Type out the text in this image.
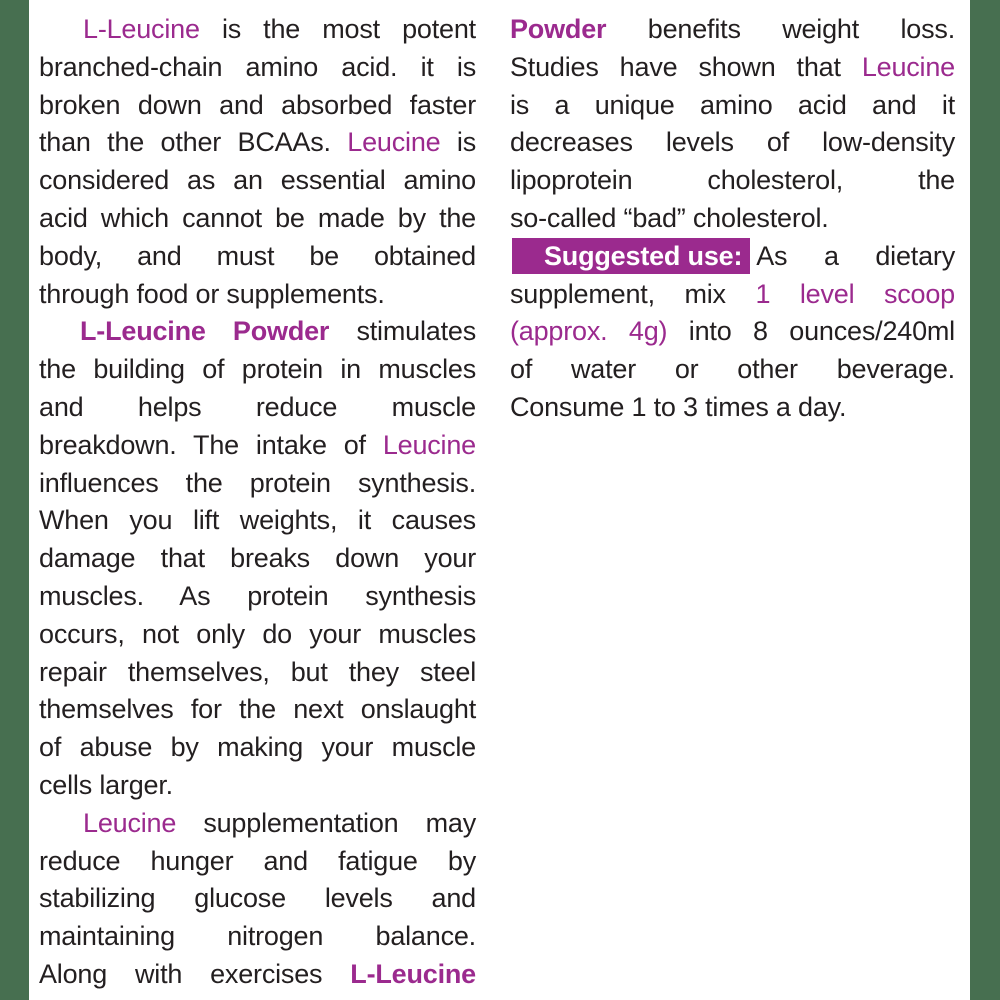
L-Leucine is the most potent
branched-chain amino acid. it is
broken down and absorbed faster
than the other BCAAs. Leucine is
considered as an essential amino
acid which cannot be made by the
body, and must be obtained
through food or supplements.
L-Leucine Powder stimulates
the building of protein in muscles
and helps reduce muscle
breakdown. The intake of Leucine
influences the protein synthesis.
When you lift weights, it causes
damage that breaks down your
muscles. As protein synthesis
occurs, not only do your muscles
repair themselves, but they steel
themselves for the next onslaught
of abuse by making your muscle
cells larger.
Leucine supplementation may
reduce hunger and fatigue by
stabilizing glucose levels and
maintaining nitrogen balance.
Along with exercises L-Leucine
Powder benefits weight loss.
Studies have shown that Leucine
is a unique amino acid and it
decreases levels of low-density
lipoprotein cholesterol, the
so-called “bad” cholesterol.
Suggested use: As a dietary
supplement, mix 1 level scoop
(approx. 4g) into 8 ounces/240ml
of water or other beverage.
Consume 1 to 3 times a day.
